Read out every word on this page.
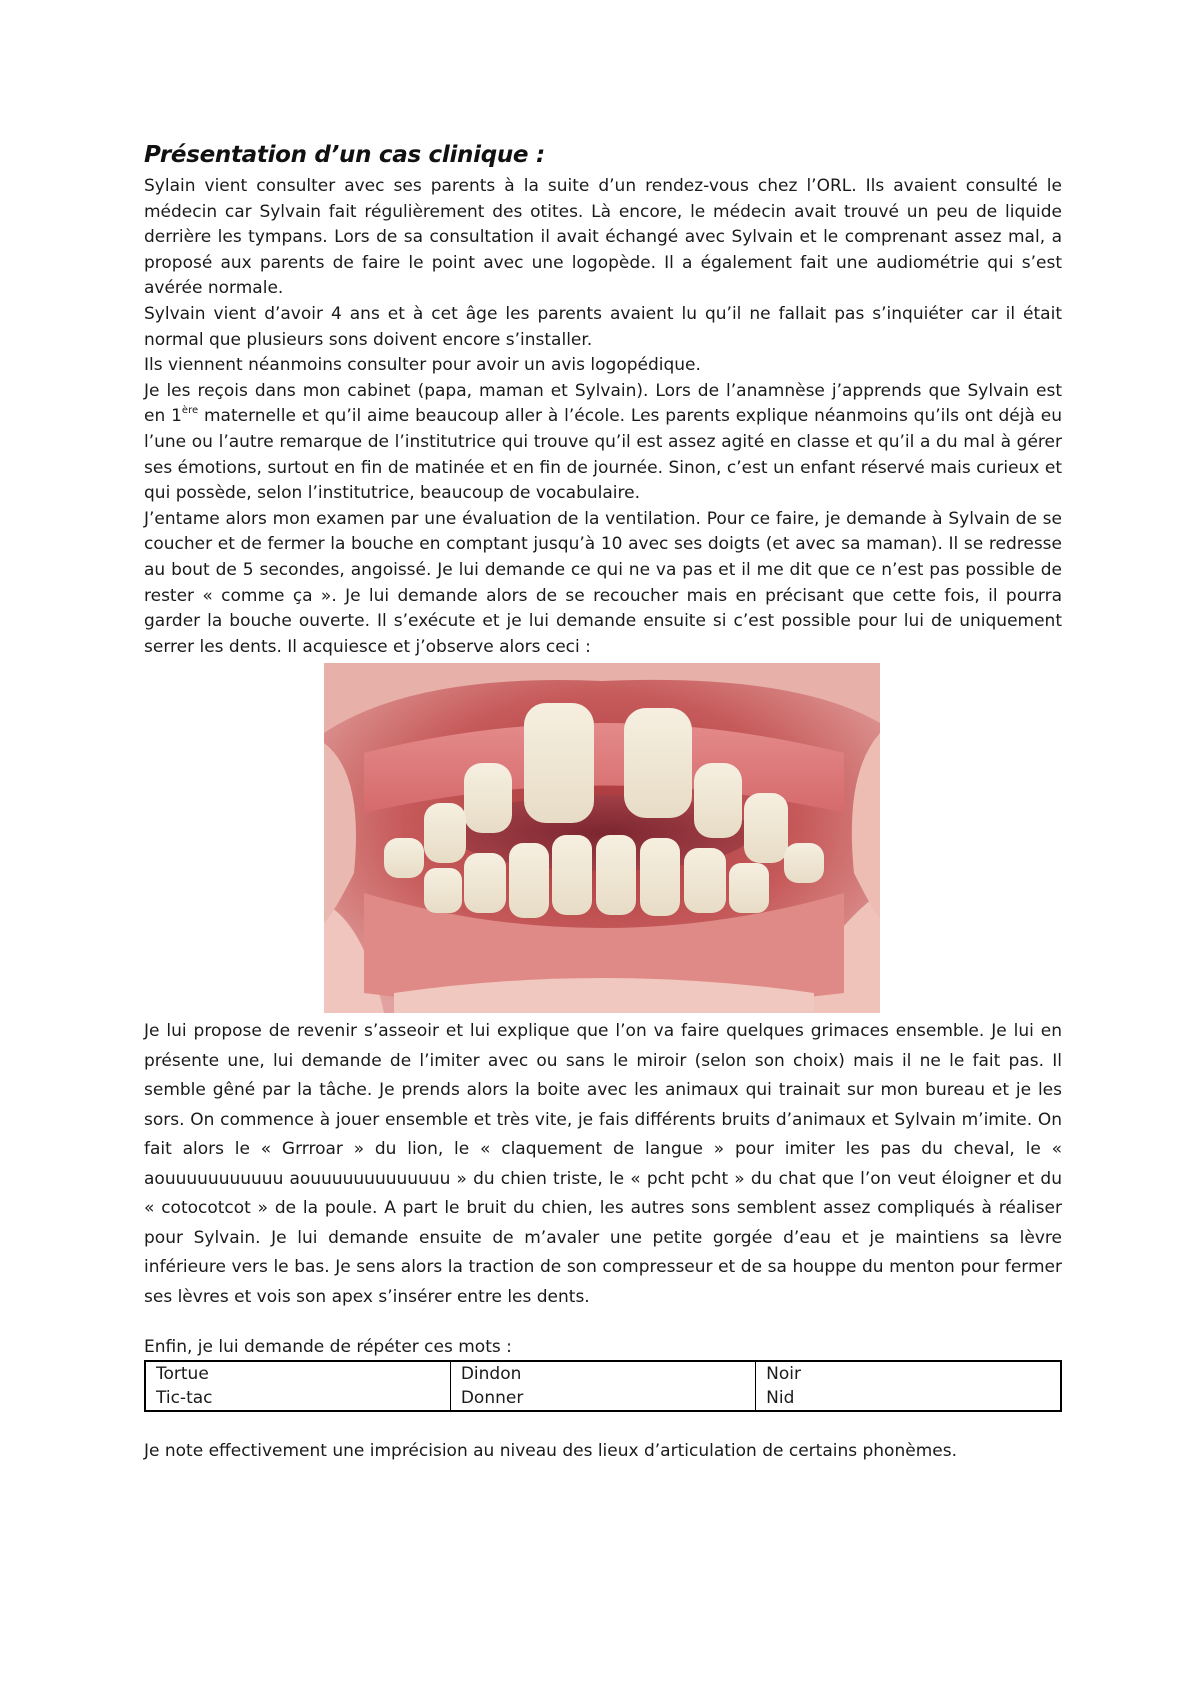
Présentation d’un cas clinique :

Sylain vient consulter avec ses parents à la suite d’un rendez-vous chez l’ORL. Ils avaient consulté le médecin car Sylvain fait régulièrement des otites. Là encore, le médecin avait trouvé un peu de liquide derrière les tympans. Lors de sa consultation il avait échangé avec Sylvain et le comprenant assez mal, a proposé aux parents de faire le point avec une logopède. Il a également fait une audiométrie qui s’est avérée normale.

Sylvain vient d’avoir 4 ans et à cet âge les parents avaient lu qu’il ne fallait pas s’inquiéter car il était normal que plusieurs sons doivent encore s’installer.

Ils viennent néanmoins consulter pour avoir un avis logopédique.

Je les reçois dans mon cabinet (papa, maman et Sylvain). Lors de l’anamnèse j’apprends que Sylvain est en 1ère maternelle et qu’il aime beaucoup aller à l’école. Les parents explique néanmoins qu’ils ont déjà eu l’une ou l’autre remarque de l’institutrice qui trouve qu’il est assez agité en classe et qu’il a du mal à gérer ses émotions, surtout en fin de matinée et en fin de journée. Sinon, c’est un enfant réservé mais curieux et qui possède, selon l’institutrice, beaucoup de vocabulaire.

J’entame alors mon examen par une évaluation de la ventilation. Pour ce faire, je demande à Sylvain de se coucher et de fermer la bouche en comptant jusqu’à 10 avec ses doigts (et avec sa maman). Il se redresse au bout de 5 secondes, angoissé. Je lui demande ce qui ne va pas et il me dit que ce n’est pas possible de rester « comme ça ». Je lui demande alors de se recoucher mais en précisant que cette fois, il pourra garder la bouche ouverte. Il s’exécute et je lui demande ensuite si c’est possible pour lui de uniquement serrer les dents. Il acquiesce et j’observe alors ceci :

Je lui propose de revenir s’asseoir et lui explique que l’on va faire quelques grimaces ensemble. Je lui en présente une, lui demande de l’imiter avec ou sans le miroir (selon son choix) mais il ne le fait pas. Il semble gêné par la tâche. Je prends alors la boite avec les animaux qui trainait sur mon bureau et je les sors. On commence à jouer ensemble et très vite, je fais différents bruits d’animaux et Sylvain m’imite. On fait alors le « Grrroar » du lion, le « claquement de langue » pour imiter les pas du cheval, le « aouuuuuuuuuuu aouuuuuuuuuuuuu » du chien triste, le « pcht pcht » du chat que l’on veut éloigner et du « cotocotcot » de la poule. A part le bruit du chien, les autres sons semblent assez compliqués à réaliser pour Sylvain. Je lui demande ensuite de m’avaler une petite gorgée d’eau et je maintiens sa lèvre inférieure vers le bas. Je sens alors la traction de son compresseur et de sa houppe du menton pour fermer ses lèvres et vois son apex s’insérer entre les dents.

Enfin, je lui demande de répéter ces mots :
Tortue	Dindon	Noir
Tic-tac	Donner	Nid
Je note effectivement une imprécision au niveau des lieux d’articulation de certains phonèmes.
